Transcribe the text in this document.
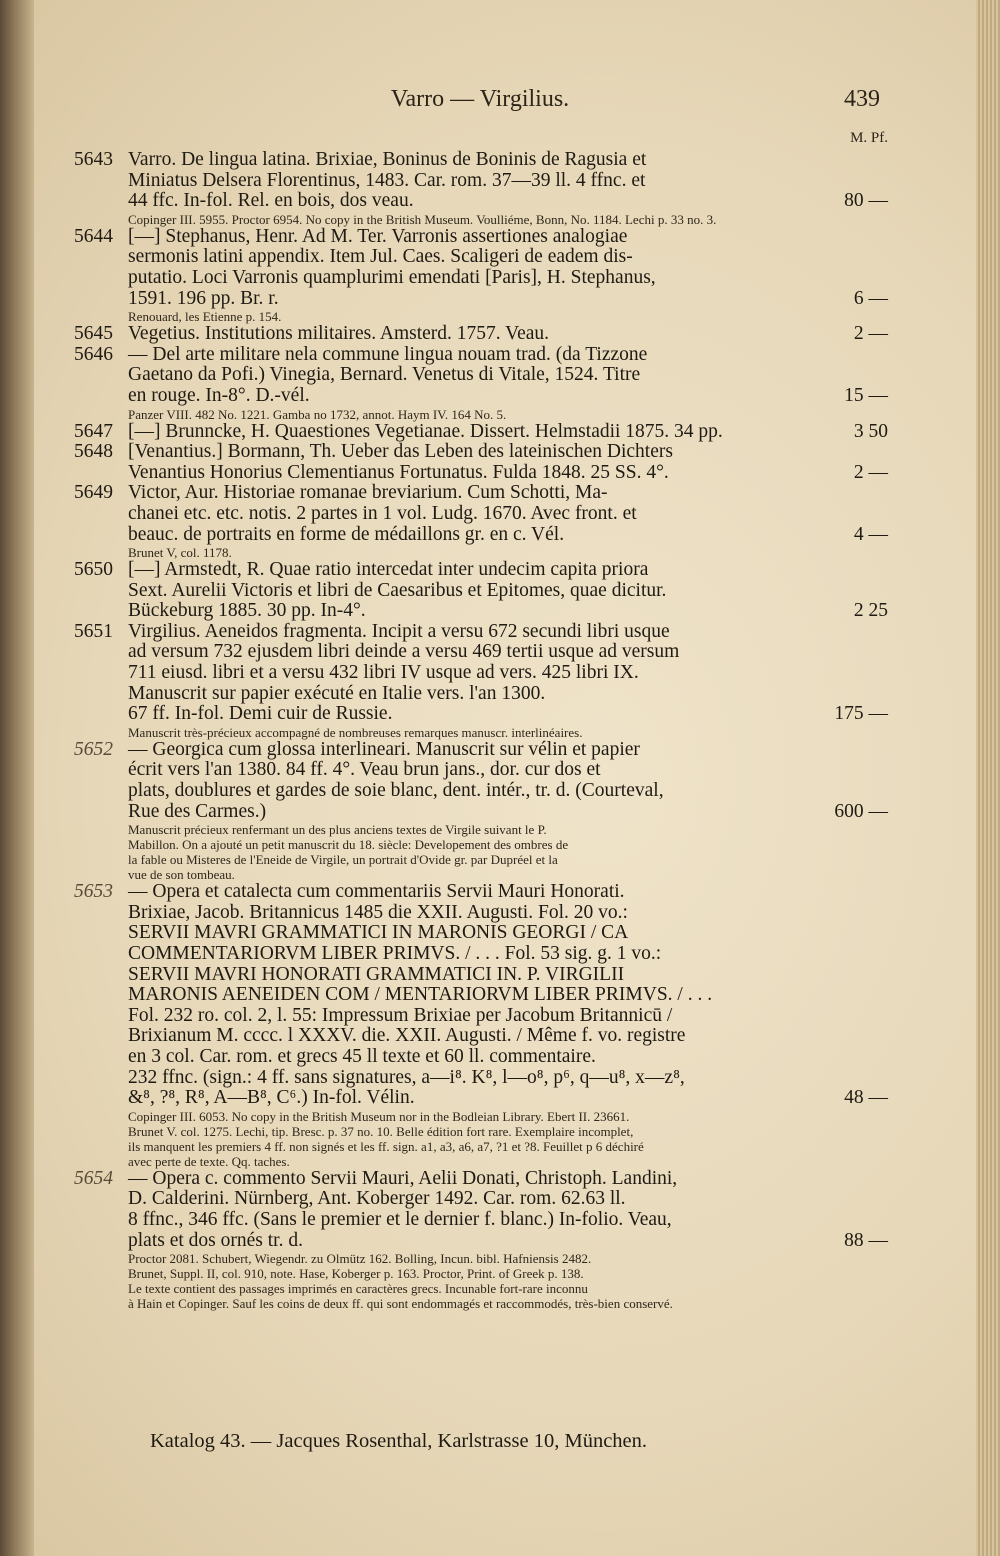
Varro — Virgilius.	439
M. Pf.
5643 Varro. De lingua latina. Brixiae, Boninus de Boninis de Ragusia et
Miniatus Delsera Florentinus, 1483. Car. rom. 37—39 ll. 4 ffnc. et
44 ffc. In-fol. Rel. en bois, dos veau.	80 —
Copinger III. 5955. Proctor 6954. No copy in the British Museum. Voulliéme, Bonn, No. 1184. Lechi p. 33 no. 3.
5644 [—] Stephanus, Henr. Ad M. Ter. Varronis assertiones analogiae
sermonis latini appendix. Item Jul. Caes. Scaligeri de eadem dis-
putatio. Loci Varronis quamplurimi emendati [Paris], H. Stephanus,
1591. 196 pp. Br. r.	6 —
Renouard, les Etienne p. 154.
5645 Vegetius. Institutions militaires. Amsterd. 1757. Veau.	2 —
5646 — Del arte militare nela commune lingua nouam trad. (da Tizzone
Gaetano da Pofi.) Vinegia, Bernard. Venetus di Vitale, 1524. Titre
en rouge. In-8°. D.-vél.	15 —
Panzer VIII. 482 No. 1221. Gamba no 1732, annot. Haym IV. 164 No. 5.
5647 [—] Brunncke, H. Quaestiones Vegetianae. Dissert. Helmstadii 1875. 34 pp.	3 50
5648 [Venantius.] Bormann, Th. Ueber das Leben des lateinischen Dichters
Venantius Honorius Clementianus Fortunatus. Fulda 1848. 25 SS. 4°.	2 —
5649 Victor, Aur. Historiae romanae breviarium. Cum Schotti, Ma-
chanei etc. etc. notis. 2 partes in 1 vol. Ludg. 1670. Avec front. et
beauc. de portraits en forme de médaillons gr. en c. Vél.	4 —
Brunet V, col. 1178.
5650 [—] Armstedt, R. Quae ratio intercedat inter undecim capita priora
Sext. Aurelii Victoris et libri de Caesaribus et Epitomes, quae dicitur.
Bückeburg 1885. 30 pp. In-4°.	2 25
5651 Virgilius. Aeneidos fragmenta. Incipit a versu 672 secundi libri usque
ad versum 732 ejusdem libri deinde a versu 469 tertii usque ad versum
711 eiusd. libri et a versu 432 libri IV usque ad vers. 425 libri IX.
Manuscrit sur papier exécuté en Italie vers. l'an 1300.
67 ff. In-fol. Demi cuir de Russie.	175 —
Manuscrit très-précieux accompagné de nombreuses remarques manuscr. interlinéaires.
5652 — Georgica cum glossa interlineari. Manuscrit sur vélin et papier
écrit vers l'an 1380. 84 ff. 4°. Veau brun jans., dor. cur dos et
plats, doublures et gardes de soie blanc, dent. intér., tr. d. (Courteval,
Rue des Carmes.)	600 —
Manuscrit précieux renfermant un des plus anciens textes de Virgile suivant le P.
Mabillon. On a ajouté un petit manuscrit du 18. siècle: Developement des ombres de
la fable ou Misteres de l'Eneide de Virgile, un portrait d'Ovide gr. par Dupréel et la
vue de son tombeau.
5653 — Opera et catalecta cum commentariis Servii Mauri Honorati.
Brixiae, Jacob. Britannicus 1485 die XXII. Augusti. Fol. 20 vo.:
SERVII MAVRI GRAMMATICI IN MARONIS GEORGI / CA
COMMENTARIORVM LIBER PRIMVS. / . . . Fol. 53 sig. g. 1 vo.:
SERVII MAVRI HONORATI GRAMMATICI IN. P. VIRGILII
MARONIS AENEIDEN COM / MENTARIORVM LIBER PRIMVS. / . . .
Fol. 232 ro. col. 2, l. 55: Impressum Brixiae per Jacobum Britannicū /
Brixianum M. cccc. l XXXV. die. XXII. Augusti. / Même f. vo. registre
en 3 col. Car. rom. et grecs 45 ll texte et 60 ll. commentaire.
232 ffnc. (sign.: 4 ff. sans signatures, a—i⁸. K⁸, l—o⁸, p⁶, q—u⁸, x—z⁸,
&⁸, ?⁸, R⁸, A—B⁸, C⁶.) In-fol. Vélin.	48 —
Copinger III. 6053. No copy in the British Museum nor in the Bodleian Library. Ebert II. 23661.
Brunet V. col. 1275. Lechi, tip. Bresc. p. 37 no. 10. Belle édition fort rare. Exemplaire incomplet,
ils manquent les premiers 4 ff. non signés et les ff. sign. a1, a3, a6, a7, ?1 et ?8. Feuillet p 6 déchiré
avec perte de texte. Qq. taches.
5654 — Opera c. commento Servii Mauri, Aelii Donati, Christoph. Landini,
D. Calderini. Nürnberg, Ant. Koberger 1492. Car. rom. 62.63 ll.
8 ffnc., 346 ffc. (Sans le premier et le dernier f. blanc.) In-folio. Veau,
plats et dos ornés tr. d.	88 —
Proctor 2081. Schubert, Wiegendr. zu Olmütz 162. Bolling, Incun. bibl. Hafniensis 2482.
Brunet, Suppl. II, col. 910, note. Hase, Koberger p. 163. Proctor, Print. of Greek p. 138.
Le texte contient des passages imprimés en caractères grecs. Incunable fort-rare inconnu
à Hain et Copinger. Sauf les coins de deux ff. qui sont endommagés et raccommodés, très-bien conservé.
Katalog 43. — Jacques Rosenthal, Karlstrasse 10, München.
